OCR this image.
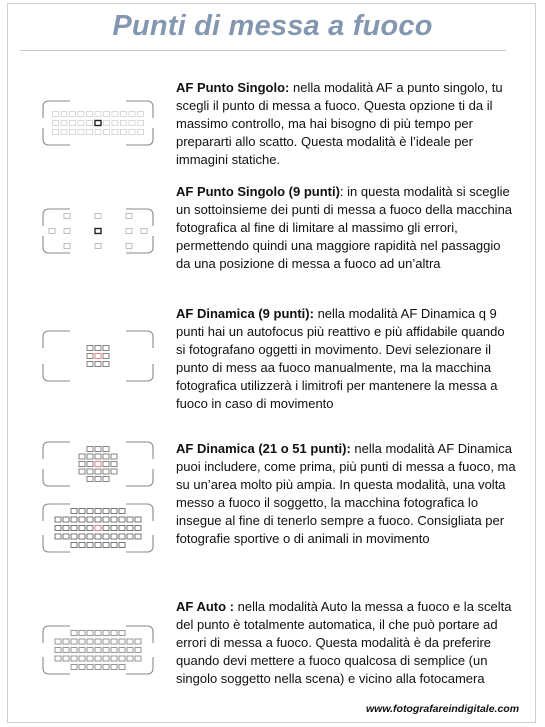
Punti di messa a fuoco
AF Punto Singolo: nella modalità AF a punto singolo, tu scegli il punto di messa a fuoco. Questa opzione ti da il massimo controllo, ma hai bisogno di più tempo per prepararti allo scatto. Questa modalità è l’ideale per immagini statiche.
AF Punto Singolo (9 punti): in questa modalità si sceglie un sottoinsieme dei punti di messa a fuoco della macchina fotografica al fine di limitare al massimo gli errori, permettendo quindi una maggiore rapidità nel passaggio da una posizione di messa a fuoco ad un’altra
AF Dinamica (9 punti): nella modalità AF Dinamica q 9 punti hai un autofocus più reattivo e più affidabile quando si fotografano oggetti in movimento. Devi selezionare il punto di mess aa fuoco manualmente, ma la macchina fotografica utilizzerà i limitrofi per mantenere la messa a fuoco in caso di movimento
AF Dinamica (21 o 51 punti): nella modalità AF Dinamica puoi includere, come prima, più punti di messa a fuoco, ma su un’area molto più ampia. In questa modalità, una volta messo a fuoco il soggetto, la macchina fotografica lo insegue al fine di tenerlo sempre a fuoco. Consigliata per fotografie sportive o di animali in movimento
AF Auto : nella modalità Auto la messa a fuoco e la scelta del punto è totalmente automatica, il che può portare ad errori di messa a fuoco. Questa modalità è da preferire quando devi mettere a fuoco qualcosa di semplice (un singolo soggetto nella scena) e vicino alla fotocamera
www.fotografareindigitale.com
